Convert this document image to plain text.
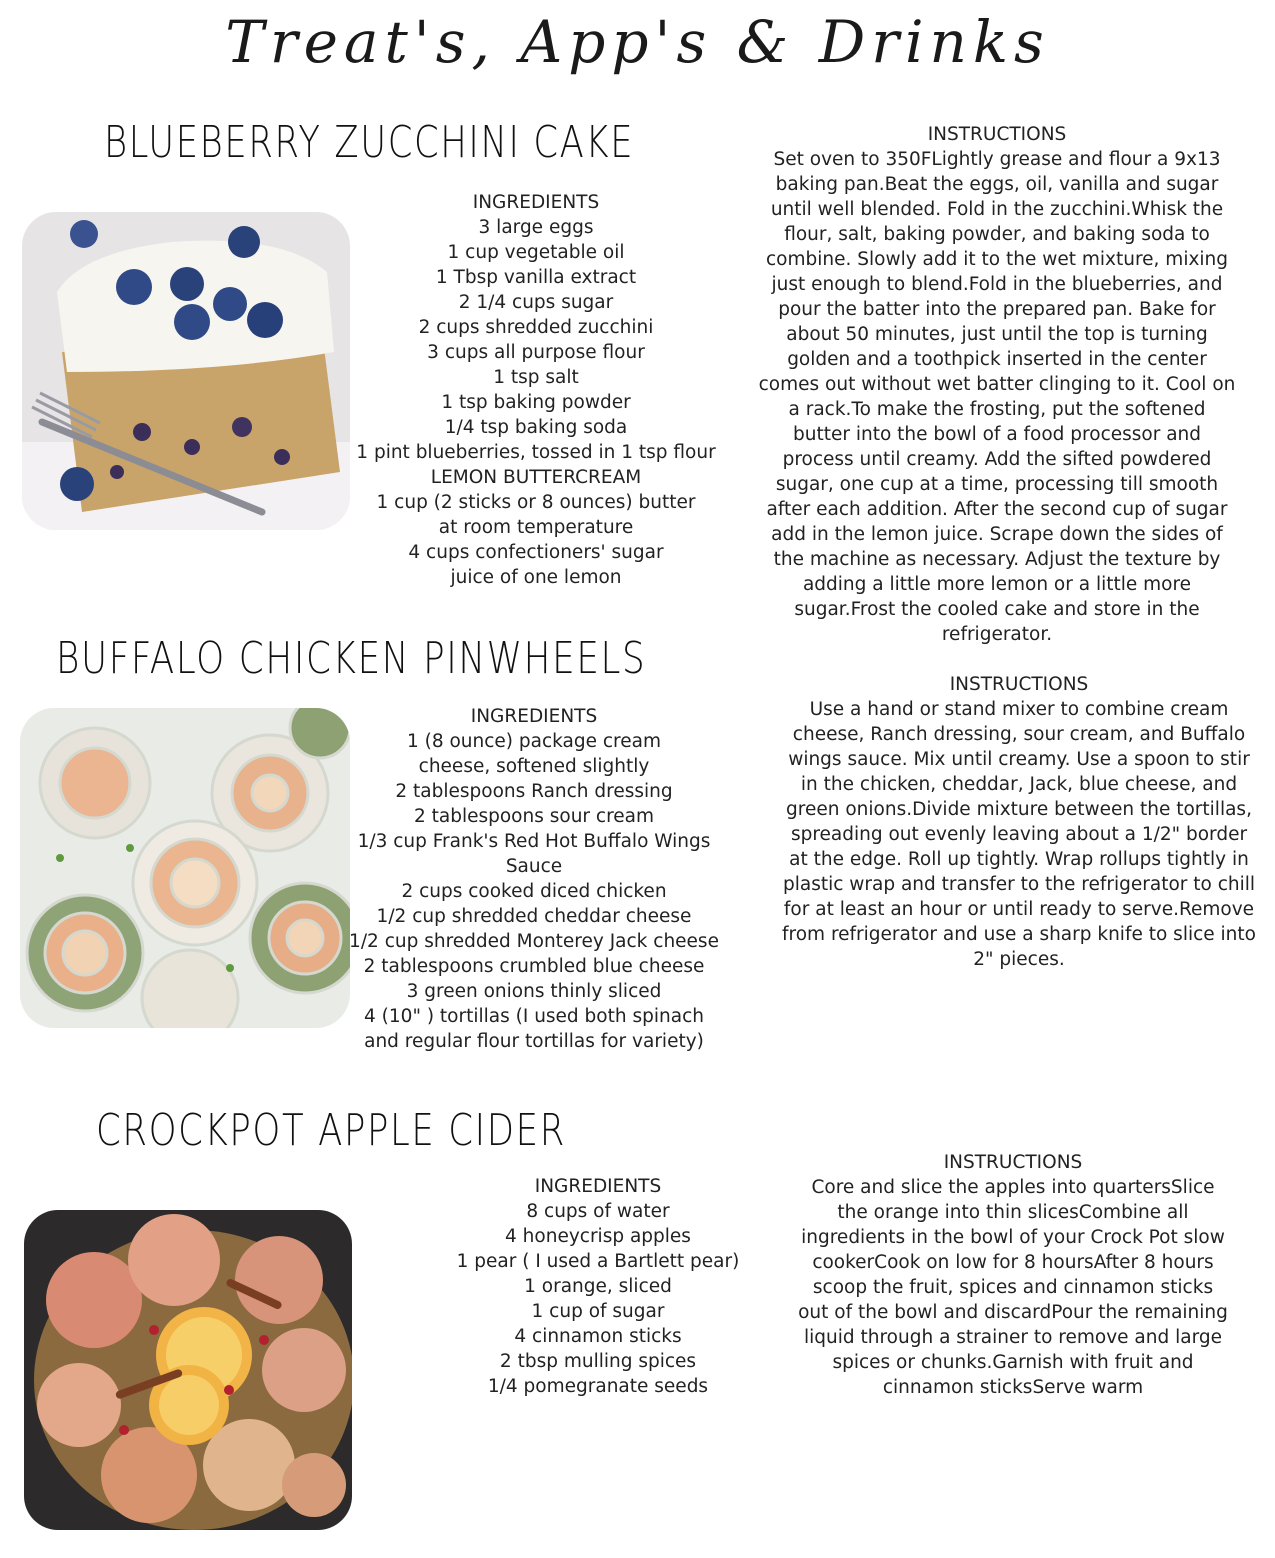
Treat's, App's & Drinks
BLUEBERRY ZUCCHINI CAKE
INGREDIENTS
3 large eggs
1 cup vegetable oil
1 Tbsp vanilla extract
2 1/4 cups sugar
2 cups shredded zucchini
3 cups all purpose flour
1 tsp salt
1 tsp baking powder
1/4 tsp baking soda
1 pint blueberries, tossed in 1 tsp flour
LEMON BUTTERCREAM
1 cup (2 sticks or 8 ounces) butter at room temperature
4 cups confectioners' sugar
juice of one lemon
INSTRUCTIONS

Set oven to 350FLightly grease and flour a 9x13 baking pan.Beat the eggs, oil, vanilla and sugar until well blended. Fold in the zucchini.Whisk the flour, salt, baking powder, and baking soda to combine. Slowly add it to the wet mixture, mixing just enough to blend.Fold in the blueberries, and pour the batter into the prepared pan. Bake for about 50 minutes, just until the top is turning golden and a toothpick inserted in the center comes out without wet batter clinging to it. Cool on a rack.To make the frosting, put the softened butter into the bowl of a food processor and process until creamy. Add the sifted powdered sugar, one cup at a time, processing till smooth after each addition. After the second cup of sugar add in the lemon juice. Scrape down the sides of the machine as necessary. Adjust the texture by adding a little more lemon or a little more sugar.Frost the cooled cake and store in the refrigerator.

BUFFALO CHICKEN PINWHEELS
INGREDIENTS
1 (8 ounce) package cream cheese, softened slightly
2 tablespoons Ranch dressing
2 tablespoons sour cream
1/3 cup Frank's Red Hot Buffalo Wings Sauce
2 cups cooked diced chicken
1/2 cup shredded cheddar cheese
1/2 cup shredded Monterey Jack cheese
2 tablespoons crumbled blue cheese
3 green onions thinly sliced
4 (10" ) tortillas (I used both spinach and regular flour tortillas for variety)
INSTRUCTIONS

Use a hand or stand mixer to combine cream cheese, Ranch dressing, sour cream, and Buffalo wings sauce. Mix until creamy. Use a spoon to stir in the chicken, cheddar, Jack, blue cheese, and green onions.Divide mixture between the tortillas, spreading out evenly leaving about a 1/2" border at the edge. Roll up tightly. Wrap rollups tightly in plastic wrap and transfer to the refrigerator to chill for at least an hour or until ready to serve.Remove from refrigerator and use a sharp knife to slice into 2" pieces.

CROCKPOT APPLE CIDER
INGREDIENTS
8 cups of water
4 honeycrisp apples
1 pear ( I used a Bartlett pear)
1 orange, sliced
1 cup of sugar
4 cinnamon sticks
2 tbsp mulling spices
1/4 pomegranate seeds
INSTRUCTIONS

Core and slice the apples into quartersSlice the orange into thin slicesCombine all ingredients in the bowl of your Crock Pot slow cookerCook on low for 8 hoursAfter 8 hours scoop the fruit, spices and cinnamon sticks out of the bowl and discardPour the remaining liquid through a strainer to remove and large spices or chunks.Garnish with fruit and cinnamon sticksServe warm
